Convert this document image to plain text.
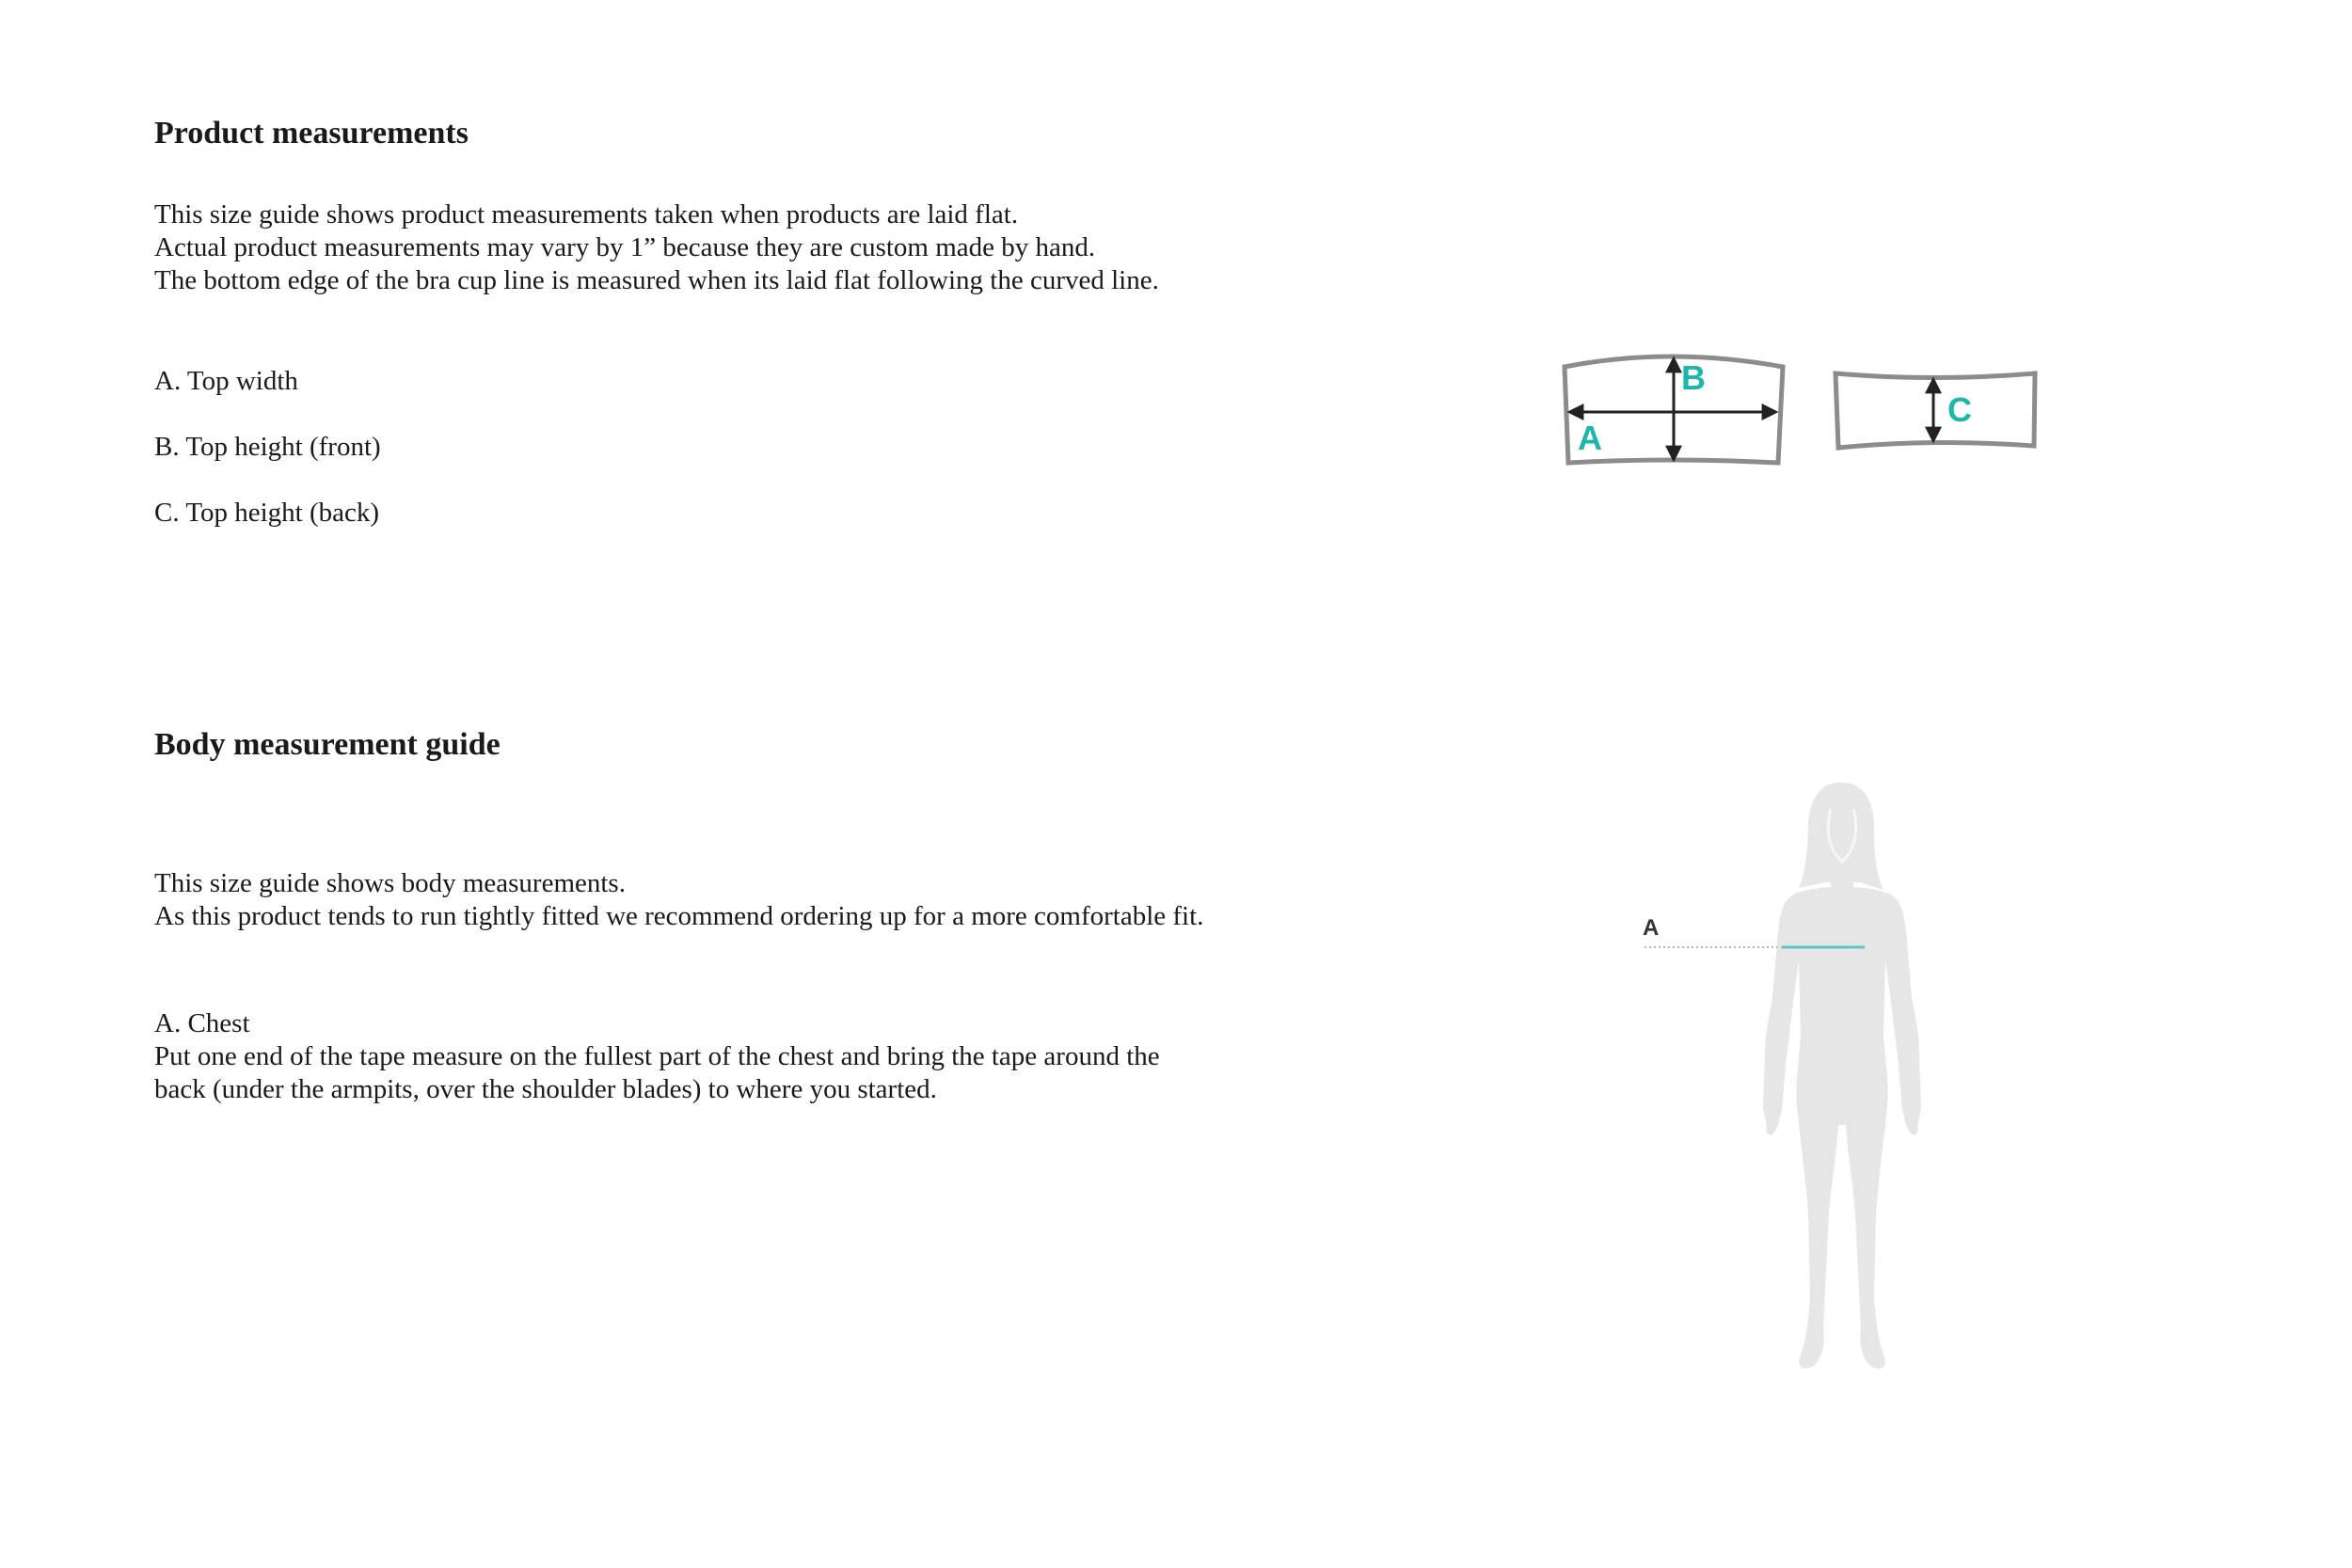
Product measurements

This size guide shows product measurements taken when products are laid flat.

Actual product measurements may vary by 1” because they are custom made by hand.

The bottom edge of the bra cup line is measured when its laid flat following the curved line.

A. Top width

B. Top height (front)

C. Top height (back)

A
B
C
Body measurement guide

This size guide shows body measurements.

As this product tends to run tightly fitted we recommend ordering up for a more comfortable fit.

A. Chest

Put one end of the tape measure on the fullest part of the chest and bring the tape around the

back (under the armpits, over the shoulder blades) to where you started.

A
